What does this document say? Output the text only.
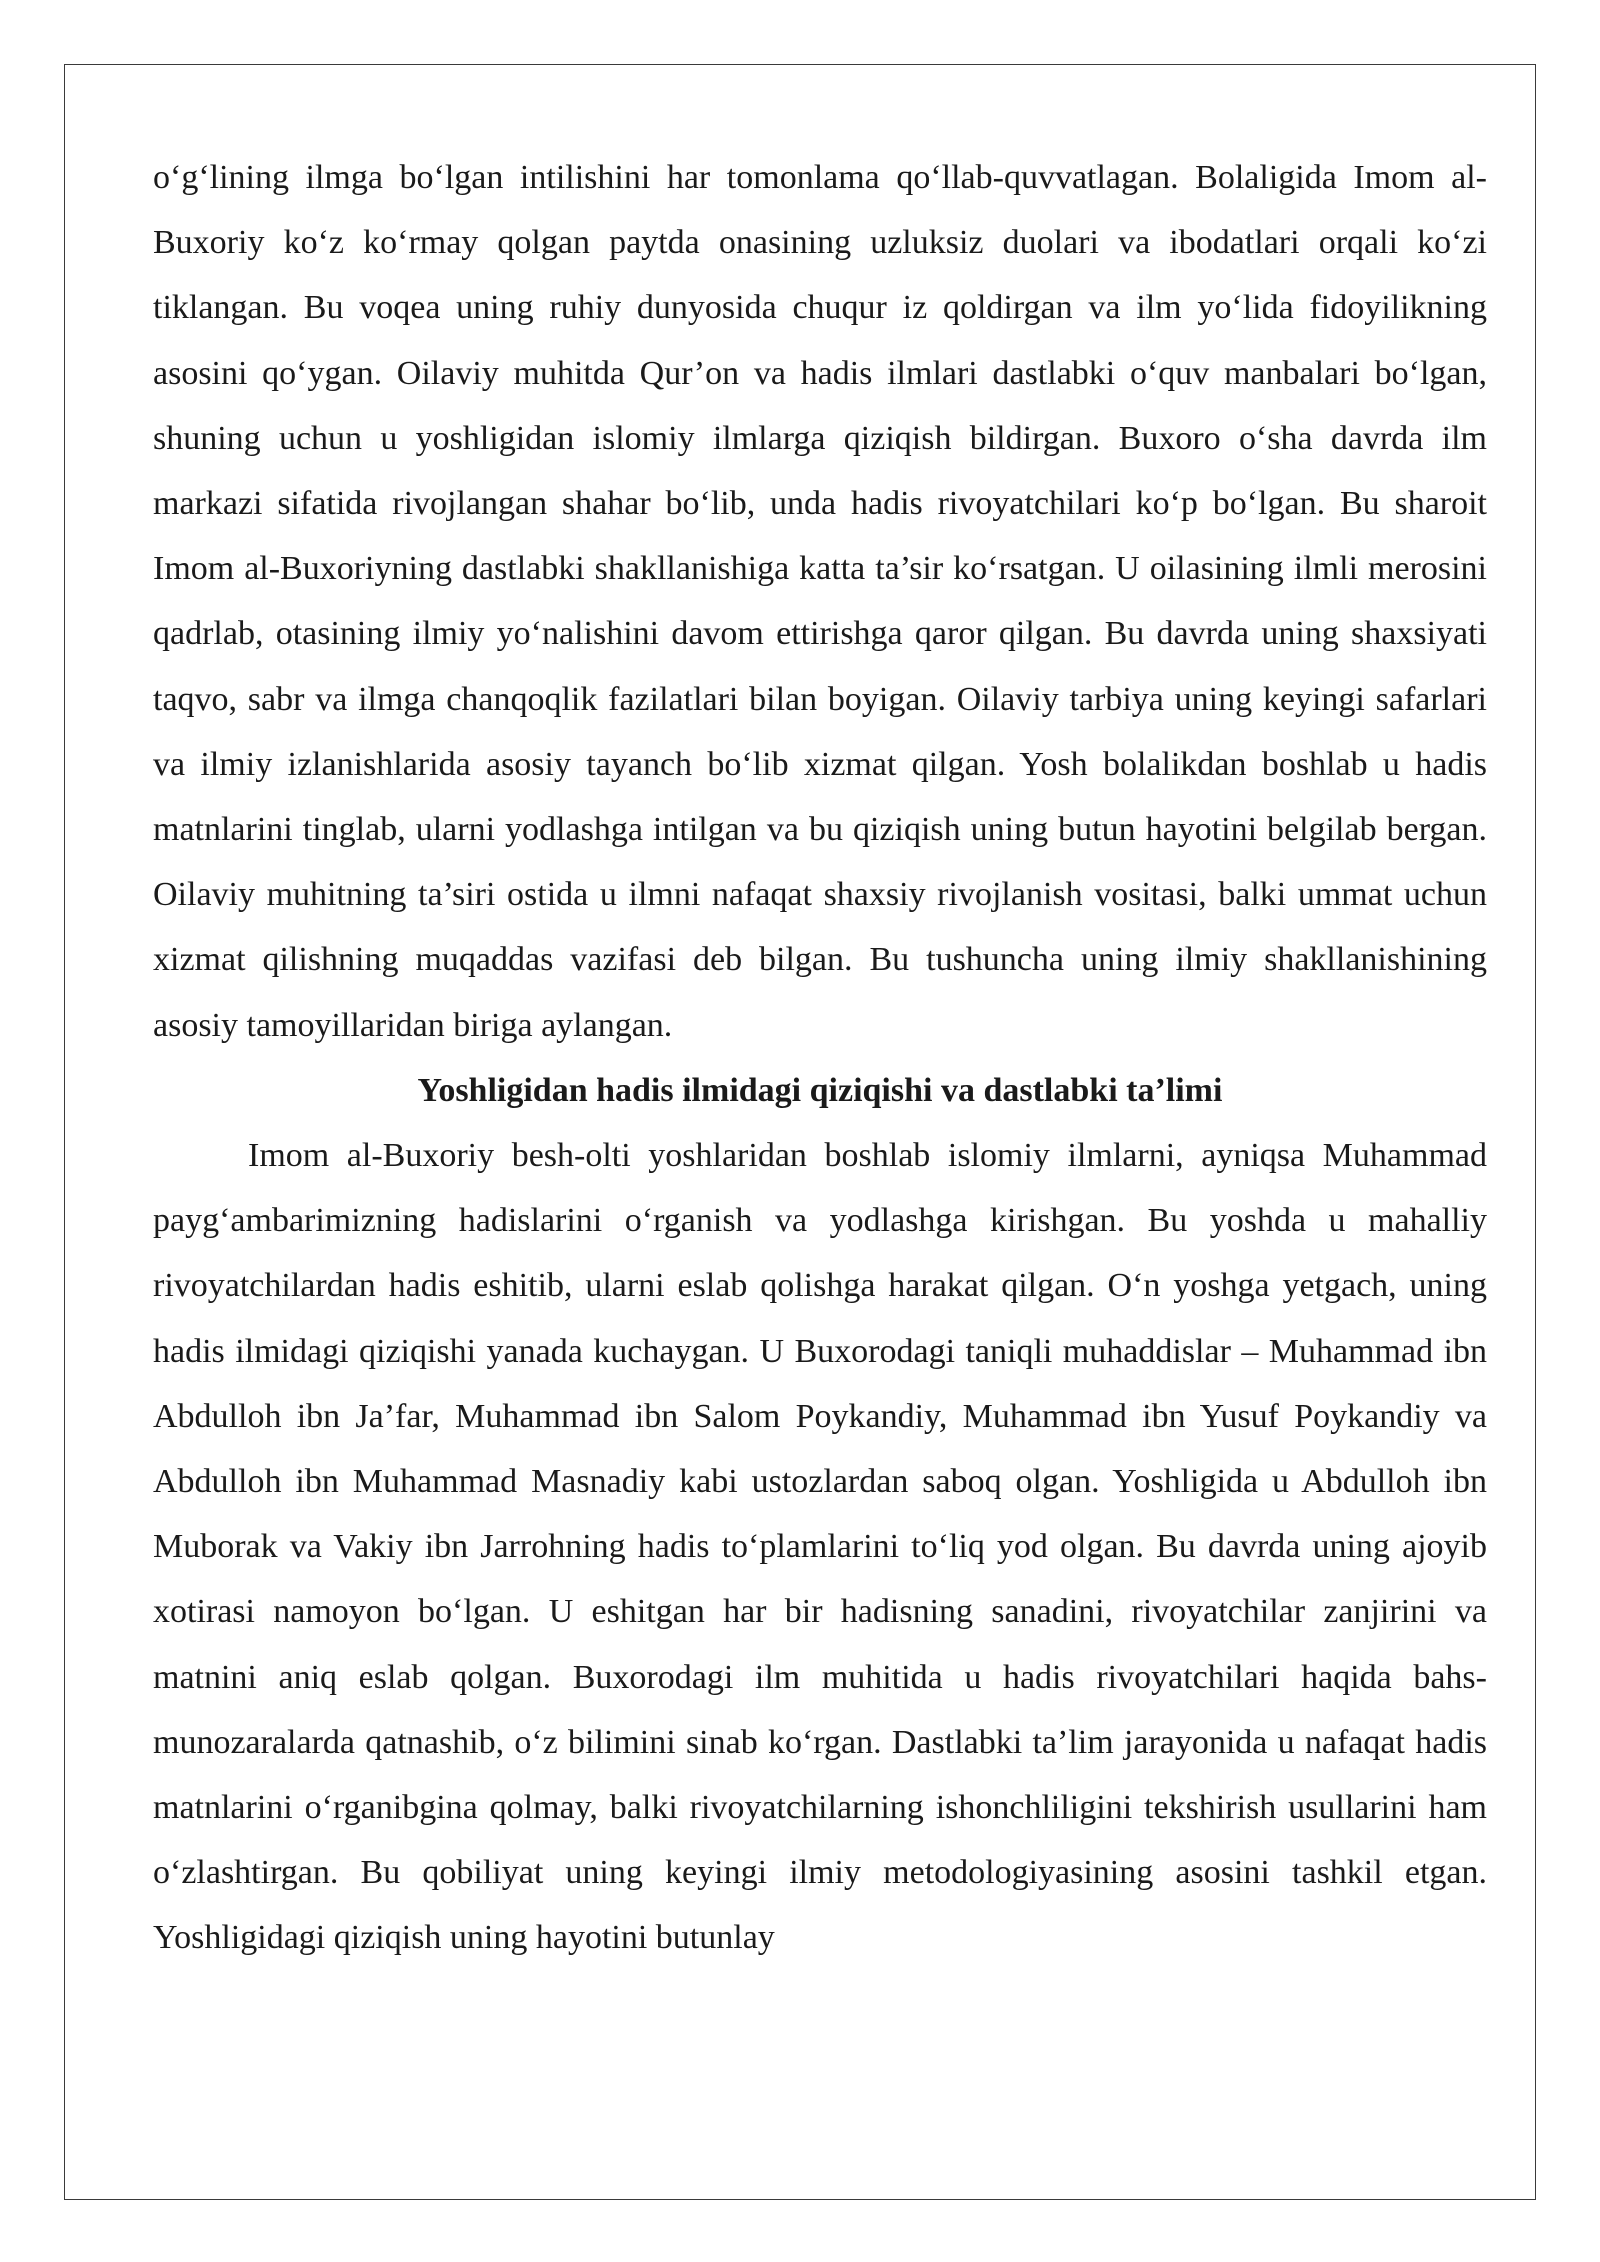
o‘g‘lining ilmga bo‘lgan intilishini har tomonlama qo‘llab-quvvatlagan. Bolaligida Imom al-Buxoriy ko‘z ko‘rmay qolgan paytda onasining uzluksiz duolari va ibodatlari orqali ko‘zi tiklangan. Bu voqea uning ruhiy dunyosida chuqur iz qoldirgan va ilm yo‘lida fidoyilikning asosini qo‘ygan. Oilaviy muhitda Qur’on va hadis ilmlari dastlabki o‘quv manbalari bo‘lgan, shuning uchun u yoshligidan islomiy ilmlarga qiziqish bildirgan. Buxoro o‘sha davrda ilm markazi sifatida rivojlangan shahar bo‘lib, unda hadis rivoyatchilari ko‘p bo‘lgan. Bu sharoit Imom al-Buxoriyning dastlabki shakllanishiga katta ta’sir ko‘rsatgan. U oilasining ilmli merosini qadrlab, otasining ilmiy yo‘nalishini davom ettirishga qaror qilgan. Bu davrda uning shaxsiyati taqvo, sabr va ilmga chanqoqlik fazilatlari bilan boyigan. Oilaviy tarbiya uning keyingi safarlari va ilmiy izlanishlarida asosiy tayanch bo‘lib xizmat qilgan. Yosh bolalikdan boshlab u hadis matnlarini tinglab, ularni yodlashga intilgan va bu qiziqish uning butun hayotini belgilab bergan. Oilaviy muhitning ta’siri ostida u ilmni nafaqat shaxsiy rivojlanish vositasi, balki ummat uchun xizmat qilishning muqaddas vazifasi deb bilgan. Bu tushuncha uning ilmiy shakllanishining asosiy tamoyillaridan biriga aylangan.

Yoshligidan hadis ilmidagi qiziqishi va dastlabki ta’limi

Imom al-Buxoriy besh-olti yoshlaridan boshlab islomiy ilmlarni, ayniqsa Muhammad payg‘ambarimizning hadislarini o‘rganish va yodlashga kirishgan. Bu yoshda u mahalliy rivoyatchilardan hadis eshitib, ularni eslab qolishga harakat qilgan. O‘n yoshga yetgach, uning hadis ilmidagi qiziqishi yanada kuchaygan. U Buxorodagi taniqli muhaddislar – Muhammad ibn Abdulloh ibn Ja’far, Muhammad ibn Salom Poykandiy, Muhammad ibn Yusuf Poykandiy va Abdulloh ibn Muhammad Masnadiy kabi ustozlardan saboq olgan. Yoshligida u Abdulloh ibn Muborak va Vakiy ibn Jarrohning hadis to‘plamlarini to‘liq yod olgan. Bu davrda uning ajoyib xotirasi namoyon bo‘lgan. U eshitgan har bir hadisning sanadini, rivoyatchilar zanjirini va matnini aniq eslab qolgan. Buxorodagi ilm muhitida u hadis rivoyatchilari haqida bahs-munozaralarda qatnashib, o‘z bilimini sinab ko‘rgan. Dastlabki ta’lim jarayonida u nafaqat hadis matnlarini o‘rganibgina qolmay, balki rivoyatchilarning ishonchliligini tekshirish usullarini ham o‘zlashtirgan. Bu qobiliyat uning keyingi ilmiy metodologiyasining asosini tashkil etgan. Yoshligidagi qiziqish uning hayotini butunlay
